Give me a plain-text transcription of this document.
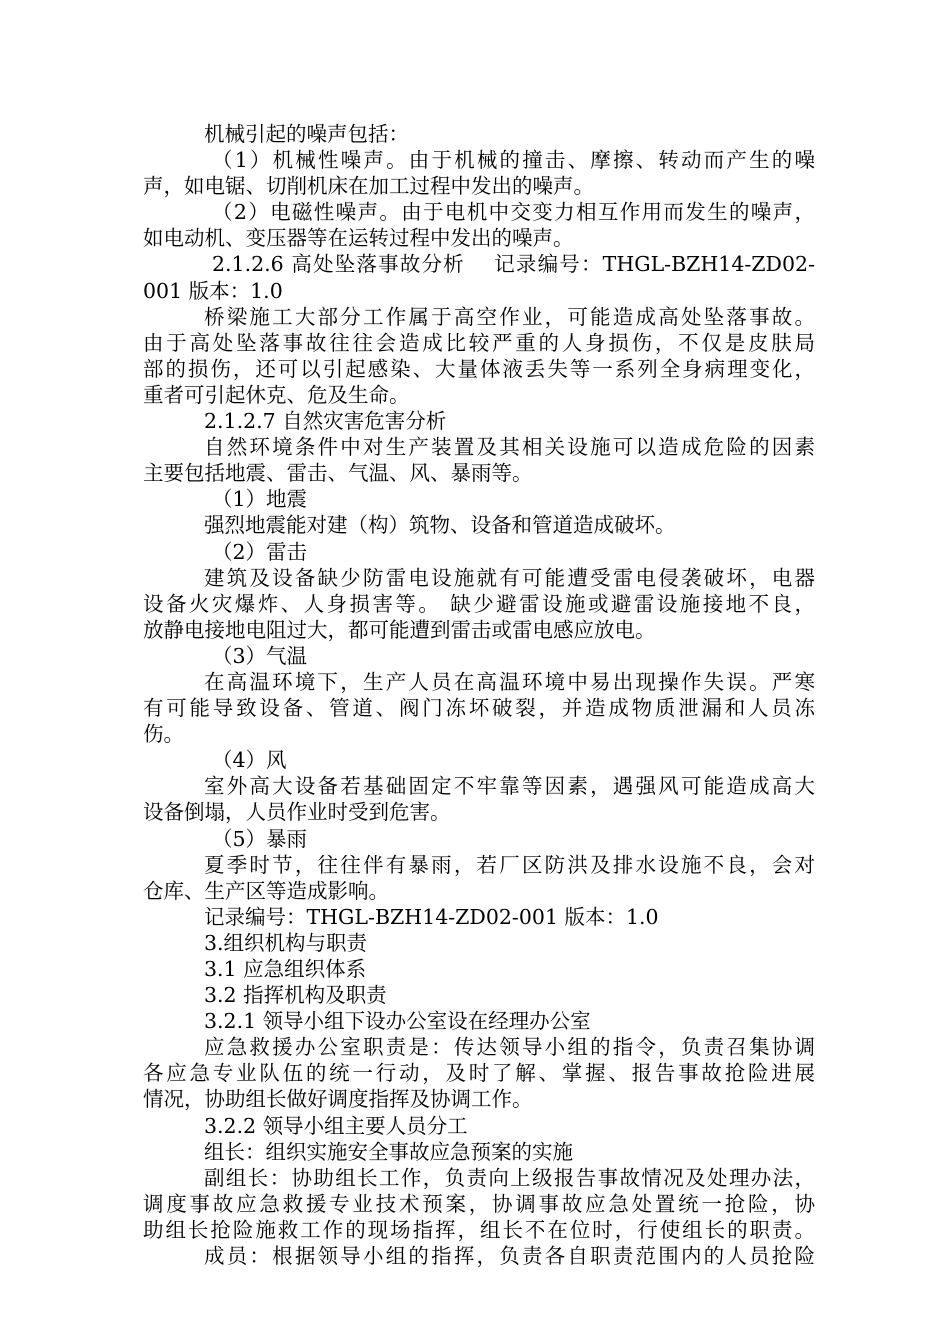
机械引起的噪声包括：
（1）机械性噪声。由于机械的撞击、摩擦、转动而产生的噪
声，如电锯、切削机床在加工过程中发出的噪声。
（2）电磁性噪声。由于电机中交变力相互作用而发生的噪声，
如电动机、变压器等在运转过程中发出的噪声。
2.1.2.6 高处坠落事故分析　 记录编号：THGL-BZH14-ZD02-
001 版本：1.0
桥梁施工大部分工作属于高空作业，可能造成高处坠落事故。
由于高处坠落事故往往会造成比较严重的人身损伤，不仅是皮肤局
部的损伤，还可以引起感染、大量体液丢失等一系列全身病理变化，
重者可引起休克、危及生命。
2.1.2.7 自然灾害危害分析
自然环境条件中对生产装置及其相关设施可以造成危险的因素
主要包括地震、雷击、气温、风、暴雨等。
（1）地震
强烈地震能对建（构）筑物、设备和管道造成破坏。
（2）雷击
建筑及设备缺少防雷电设施就有可能遭受雷电侵袭破坏，电器
设备火灾爆炸、人身损害等。 缺少避雷设施或避雷设施接地不良，
放静电接地电阻过大，都可能遭到雷击或雷电感应放电。
（3）气温
在高温环境下，生产人员在高温环境中易出现操作失误。严寒
有可能导致设备、管道、阀门冻坏破裂，并造成物质泄漏和人员冻
伤。
（4）风
室外高大设备若基础固定不牢靠等因素，遇强风可能造成高大
设备倒塌，人员作业时受到危害。
（5）暴雨
夏季时节，往往伴有暴雨，若厂区防洪及排水设施不良，会对
仓库、生产区等造成影响。
记录编号：THGL-BZH14-ZD02-001 版本：1.0
3.组织机构与职责
3.1 应急组织体系
3.2 指挥机构及职责
3.2.1 领导小组下设办公室设在经理办公室
应急救援办公室职责是：传达领导小组的指令，负责召集协调
各应急专业队伍的统一行动，及时了解、掌握、报告事故抢险进展
情况，协助组长做好调度指挥及协调工作。
3.2.2 领导小组主要人员分工
组长：组织实施安全事故应急预案的实施
副组长：协助组长工作，负责向上级报告事故情况及处理办法，
调度事故应急救援专业技术预案，协调事故应急处置统一抢险，协
助组长抢险施救工作的现场指挥，组长不在位时，行使组长的职责。
成员：根据领导小组的指挥，负责各自职责范围内的人员抢险
